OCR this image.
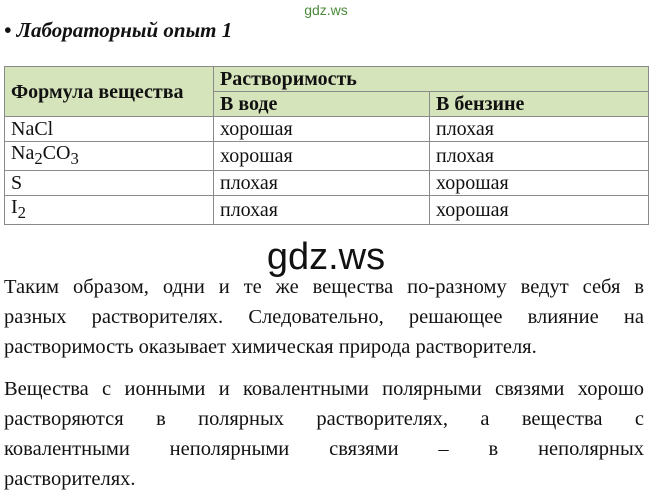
gdz.ws
• Лабораторный опыт 1
Формула вещества	Растворимость	
	В воде	В бензине
NaCl	хорошая	плохая
$Na_2CO_3$	хорошая	плохая
S	плохая	хорошая
$I_2$	плохая	хорошая
gdz.ws
Таким образом, одни и те же вещества по-разному ведут себя в
разных растворителях. Следовательно, решающее влияние на
растворимость оказывает химическая природа растворителя.
Вещества с ионными и ковалентными полярными связями хорошо
растворяются в полярных растворителях, а вещества с
ковалентными неполярными связями – в неполярных
растворителях.
